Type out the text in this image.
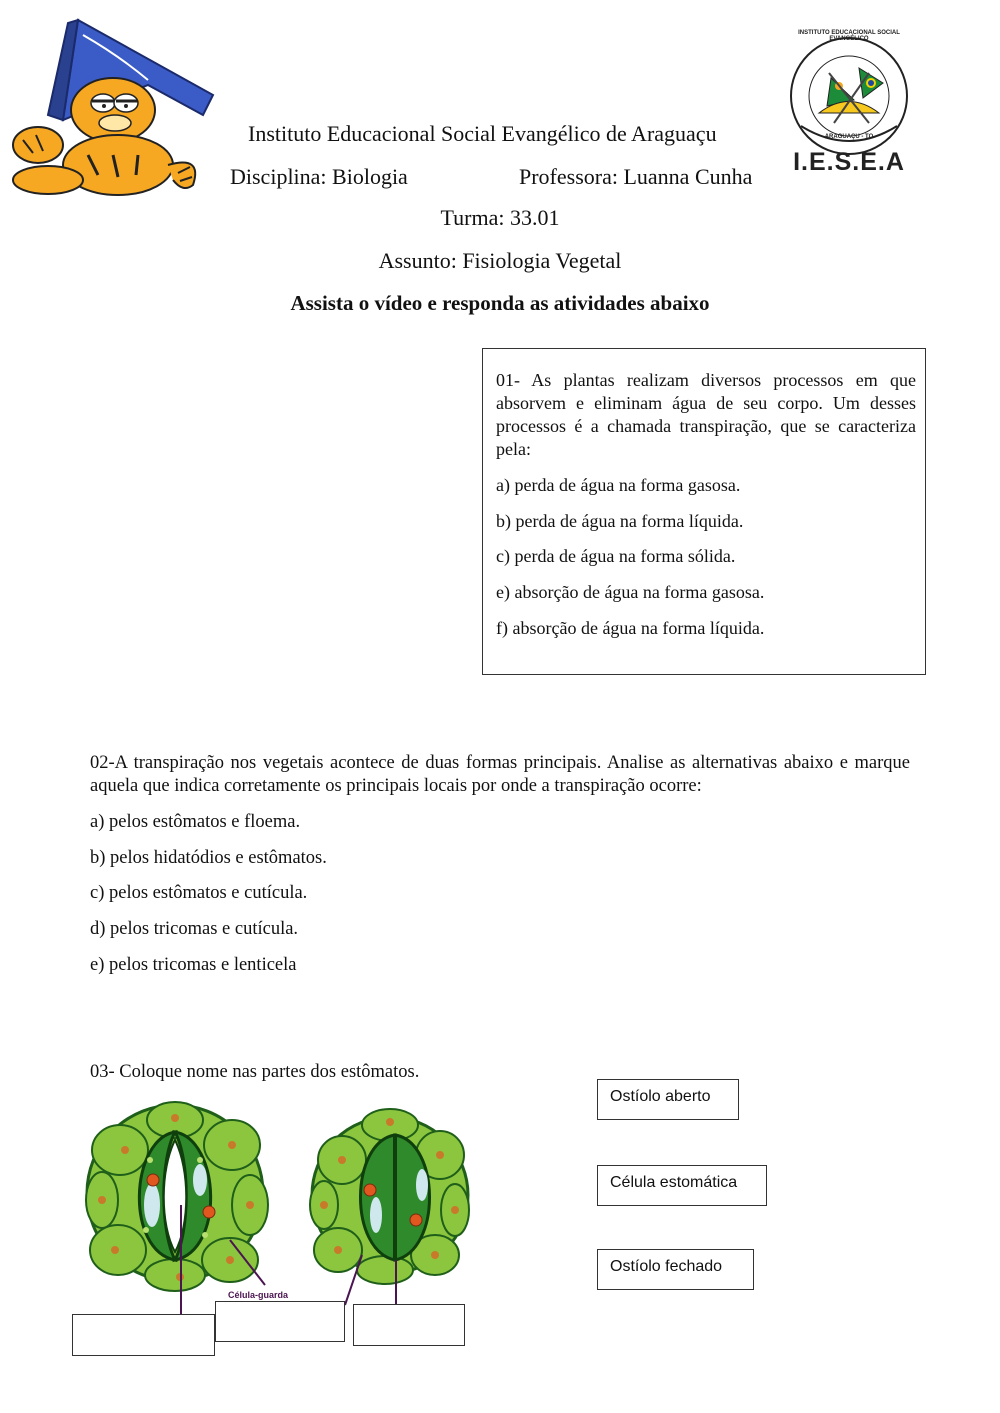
I.E.S.E.A
INSTITUTO EDUCACIONAL SOCIAL EVANGÉLICO
ARAGUAÇU - TO
Instituto Educacional Social Evangélico de Araguaçu
Disciplina: Biologia	Professora: Luanna Cunha
Turma: 33.01
Assunto: Fisiologia Vegetal
Assista o vídeo e responda as atividades abaixo
01- As plantas realizam diversos processos em que absorvem e eliminam água de seu corpo. Um desses processos é a chamada transpiração, que se caracteriza pela:
a) perda de água na forma gasosa.
b) perda de água na forma líquida.
c) perda de água na forma sólida.
e) absorção de água na forma gasosa.
f) absorção de água na forma líquida.
02-A transpiração nos vegetais acontece de duas formas principais. Analise as alternativas abaixo e marque aquela que indica corretamente os principais locais por onde a transpiração ocorre:
a) pelos estômatos e floema.
b) pelos hidatódios e estômatos.
c) pelos estômatos e cutícula.
d) pelos tricomas e cutícula.
e) pelos tricomas e lenticela
03- Coloque nome nas partes dos estômatos.
Célula-guarda
Ostíolo aberto
Célula estomática
Ostíolo fechado
